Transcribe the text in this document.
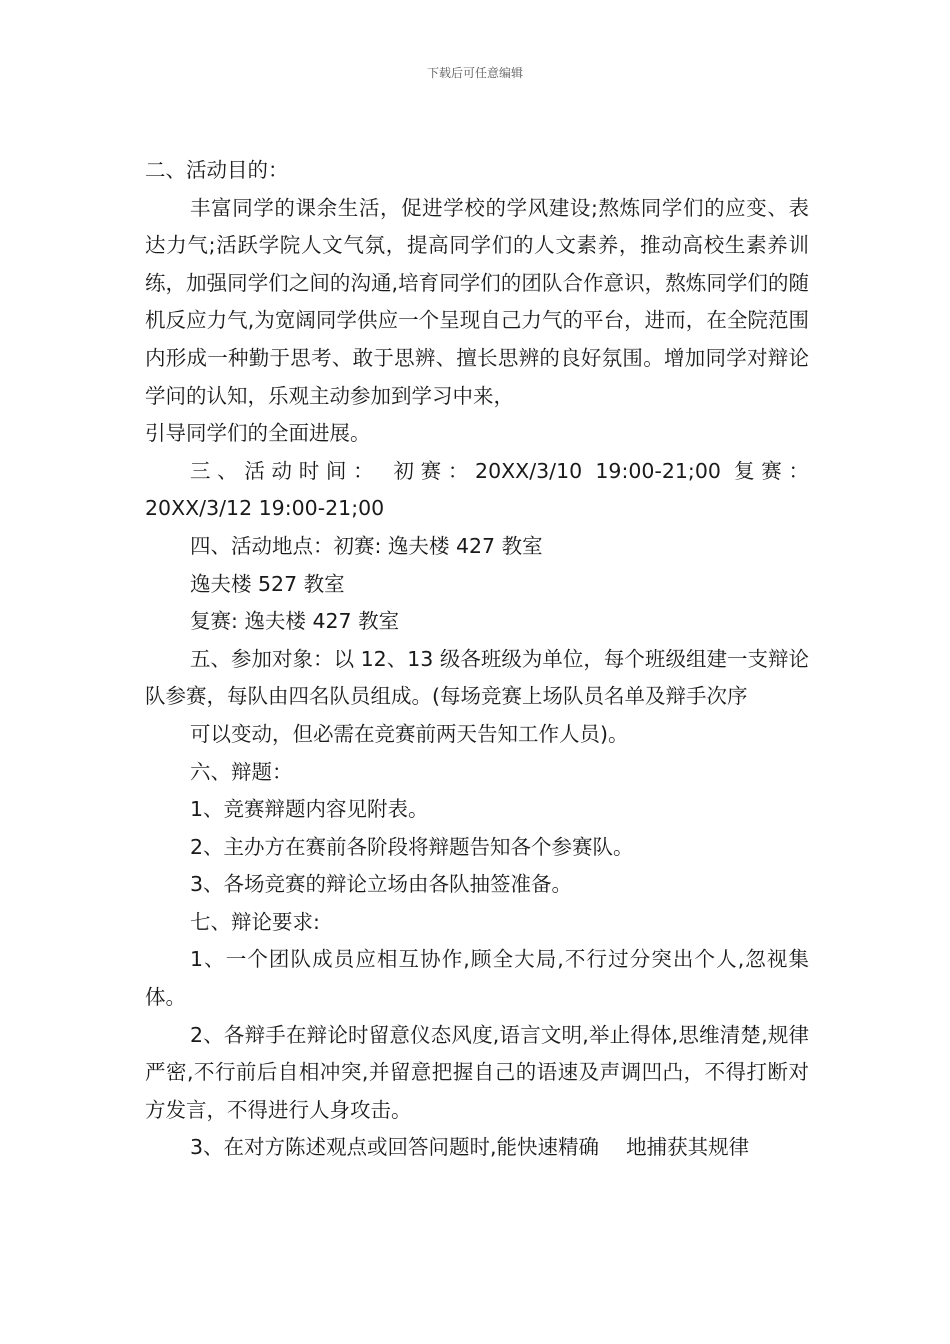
下载后可任意编辑

二、活动目的：

丰富同学的课余生活，促进学校的学风建设;熬炼同学们的应变、表达力气;活跃学院人文气氛，提高同学们的人文素养，推动高校生素养训练，加强同学们之间的沟通,培育同学们的团队合作意识，熬炼同学们的随机反应力气,为宽阔同学供应一个呈现自己力气的平台，进而，在全院范围内形成一种勤于思考、敢于思辨、擅长思辨的良好氛围。增加同学对辩论学问的认知，乐观主动参加到学习中来，

引导同学们的全面进展。

三、活动时间： 初赛：20XX/3/10 19:00-21;00 复赛：20XX/3/12 19:00-21;00

四、活动地点：初赛: 逸夫楼 427 教室

逸夫楼 527 教室

复赛: 逸夫楼 427 教室

五、参加对象：以 12、13 级各班级为单位，每个班级组建一支辩论队参赛，每队由四名队员组成。(每场竞赛上场队员名单及辩手次序

可以变动，但必需在竞赛前两天告知工作人员)。

六、辩题：

1、竞赛辩题内容见附表。

2、主办方在赛前各阶段将辩题告知各个参赛队。

3、各场竞赛的辩论立场由各队抽签准备。

七、辩论要求:

1、一个团队成员应相互协作,顾全大局,不行过分突出个人,忽视集体。

2、各辩手在辩论时留意仪态风度,语言文明,举止得体,思维清楚,规律严密,不行前后自相冲突,并留意把握自己的语速及声调凹凸，不得打断对方发言，不得进行人身攻击。

3、在对方陈述观点或回答问题时,能快速精确　 地捕获其规律
